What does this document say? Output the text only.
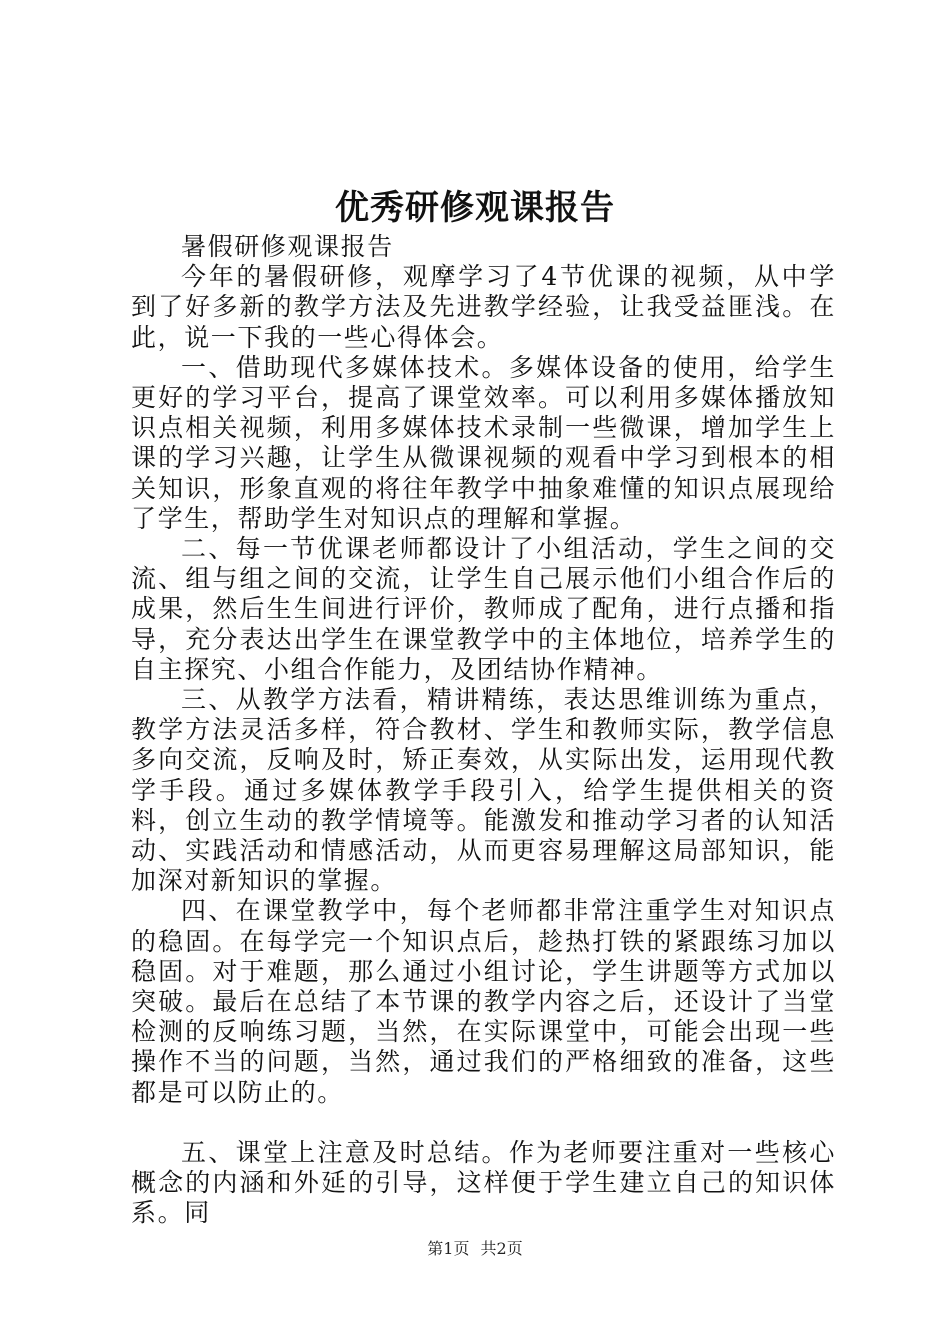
优秀研修观课报告

暑假研修观课报告

今年的暑假研修，观摩学习了4节优课的视频，从中学到了好多新的教学方法及先进教学经验，让我受益匪浅。在此，说一下我的一些心得体会。

一、借助现代多媒体技术。多媒体设备的使用，给学生更好的学习平台，提高了课堂效率。可以利用多媒体播放知识点相关视频，利用多媒体技术录制一些微课，增加学生上课的学习兴趣，让学生从微课视频的观看中学习到根本的相关知识，形象直观的将往年教学中抽象难懂的知识点展现给了学生，帮助学生对知识点的理解和掌握。

二、每一节优课老师都设计了小组活动，学生之间的交流、组与组之间的交流，让学生自己展示他们小组合作后的成果，然后生生间进行评价，教师成了配角，进行点播和指导，充分表达出学生在课堂教学中的主体地位，培养学生的自主探究、小组合作能力，及团结协作精神。

三、从教学方法看，精讲精练，表达思维训练为重点，教学方法灵活多样，符合教材、学生和教师实际，教学信息多向交流，反响及时，矫正奏效，从实际出发，运用现代教学手段。通过多媒体教学手段引入，给学生提供相关的资料，创立生动的教学情境等。能激发和推动学习者的认知活动、实践活动和情感活动，从而更容易理解这局部知识，能加深对新知识的掌握。

四、在课堂教学中，每个老师都非常注重学生对知识点的稳固。在每学完一个知识点后，趁热打铁的紧跟练习加以稳固。对于难题，那么通过小组讨论，学生讲题等方式加以突破。最后在总结了本节课的教学内容之后，还设计了当堂检测的反响练习题，当然，在实际课堂中，可能会出现一些操作不当的问题，当然，通过我们的严格细致的准备，这些都是可以防止的。

五、课堂上注意及时总结。作为老师要注重对一些核心概念的内涵和外延的引导，这样便于学生建立自己的知识体系。同

第1页 共2页
